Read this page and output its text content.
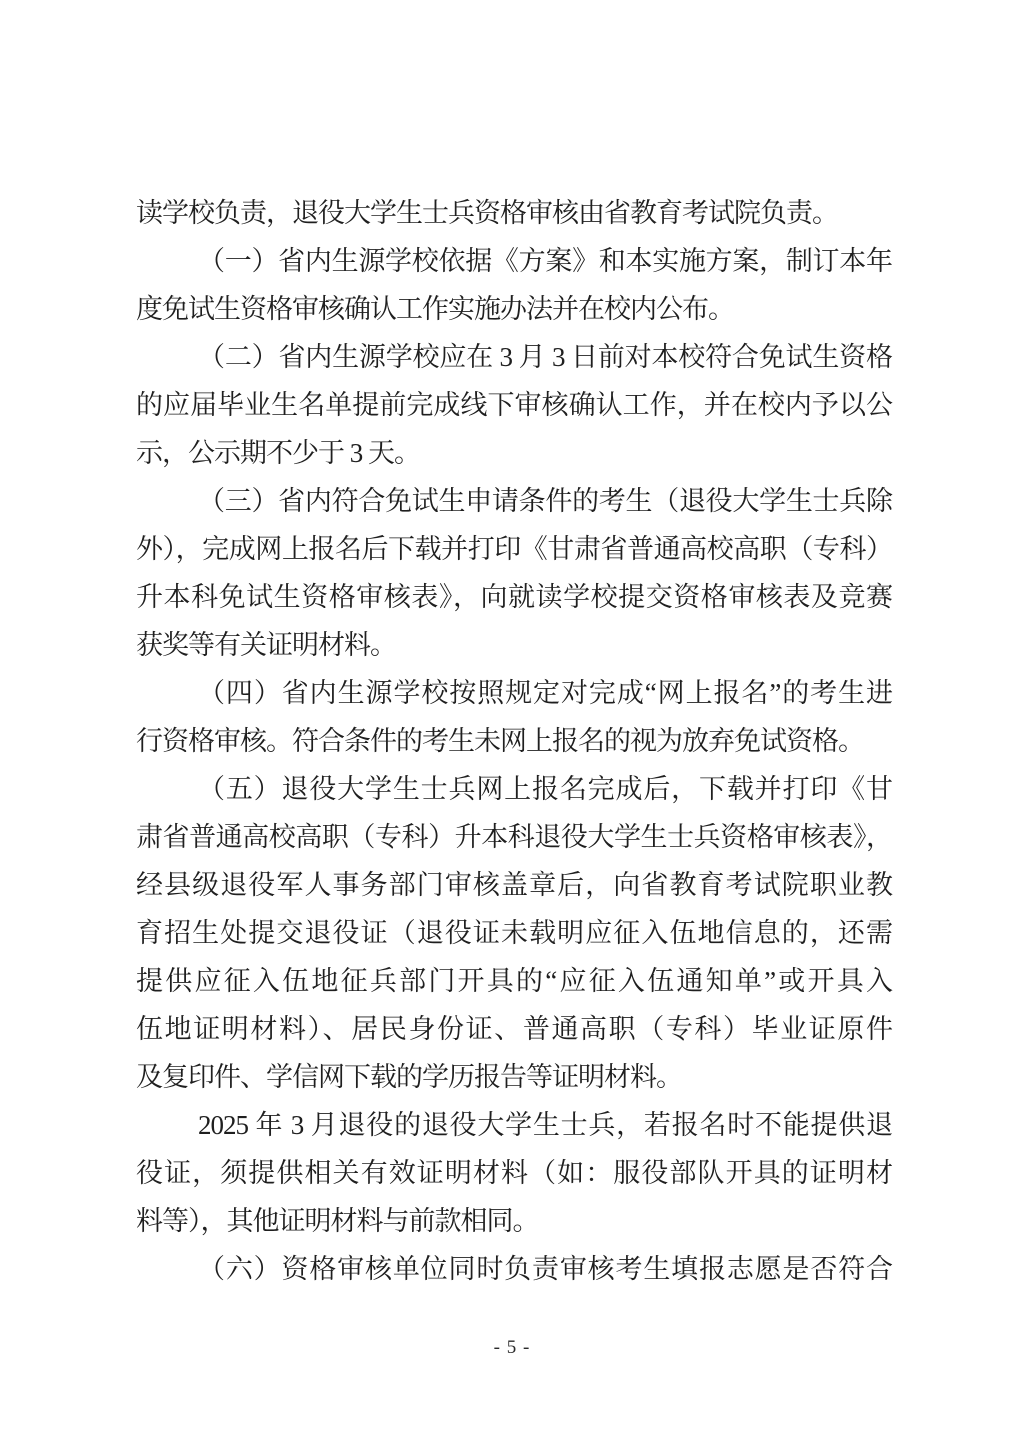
读学校负责，退役大学生士兵资格审核由省教育考试院负责。
（一）省内生源学校依据《方案》和本实施方案，制订本年
度免试生资格审核确认工作实施办法并在校内公布。
（二）省内生源学校应在 3 月 3 日前对本校符合免试生资格
的应届毕业生名单提前完成线下审核确认工作，并在校内予以公
示，公示期不少于 3 天。
（三）省内符合免试生申请条件的考生（退役大学生士兵除
外），完成网上报名后下载并打印《甘肃省普通高校高职（专科）
升本科免试生资格审核表》，向就读学校提交资格审核表及竞赛
获奖等有关证明材料。
（四）省内生源学校按照规定对完成“网上报名”的考生进
行资格审核。符合条件的考生未网上报名的视为放弃免试资格。
（五）退役大学生士兵网上报名完成后，下载并打印《甘
肃省普通高校高职（专科）升本科退役大学生士兵资格审核表》，
经县级退役军人事务部门审核盖章后，向省教育考试院职业教
育招生处提交退役证（退役证未载明应征入伍地信息的，还需
提供应征入伍地征兵部门开具的“应征入伍通知单”或开具入
伍地证明材料）、居民身份证、普通高职（专科）毕业证原件
及复印件、学信网下载的学历报告等证明材料。
2025 年 3 月退役的退役大学生士兵，若报名时不能提供退
役证，须提供相关有效证明材料（如：服役部队开具的证明材
料等），其他证明材料与前款相同。
（六）资格审核单位同时负责审核考生填报志愿是否符合
- 5 -
